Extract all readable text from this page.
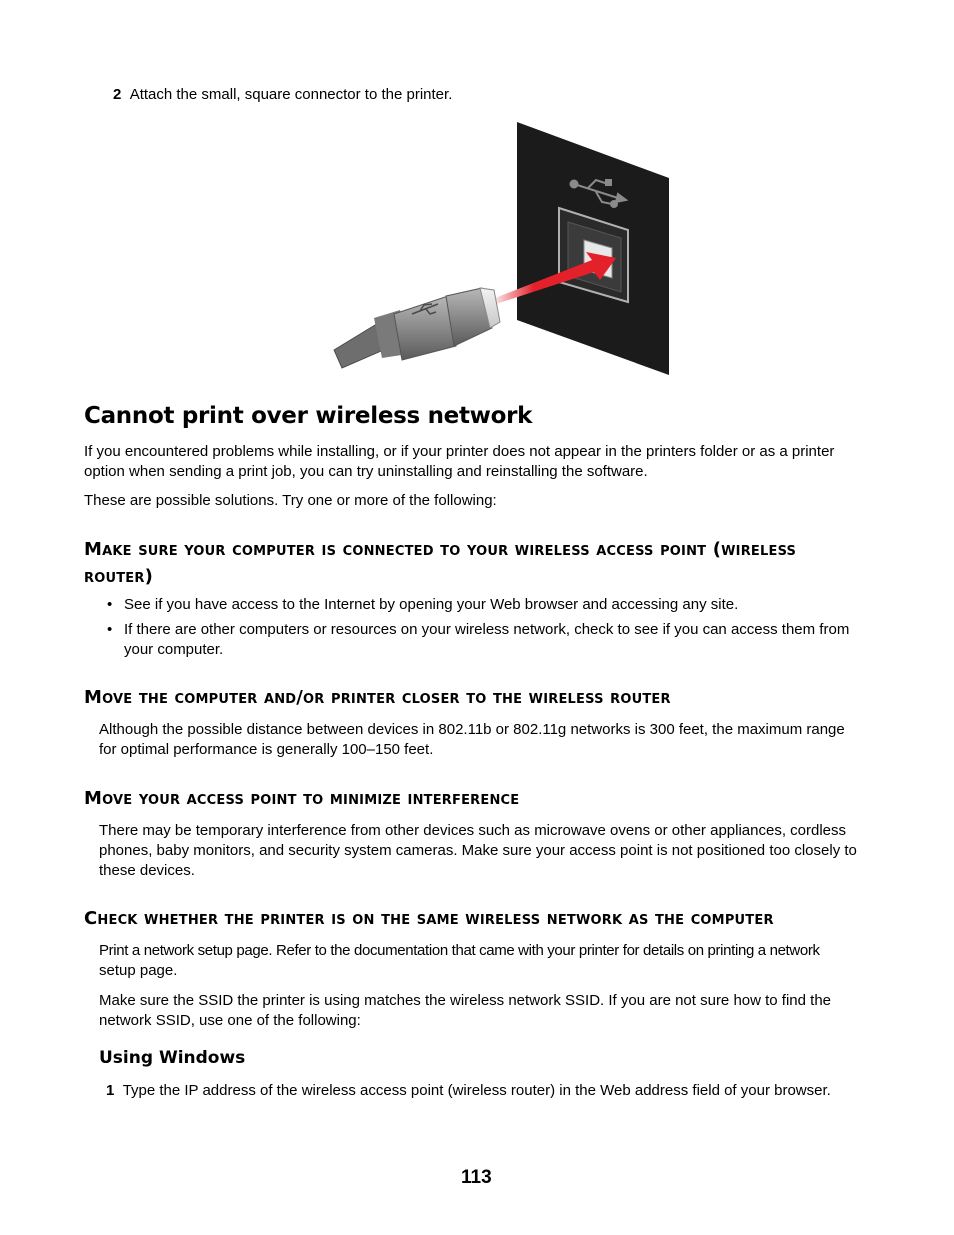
2 Attach the small, square connector to the printer.
Cannot print over wireless network
If you encountered problems while installing, or if your printer does not appear in the printers folder or as a printer
option when sending a print job, you can try uninstalling and reinstalling the software.
These are possible solutions. Try one or more of the following:
Make sure your computer is connected to your wireless access point (wireless
router)
• See if you have access to the Internet by opening your Web browser and accessing any site.
• If there are other computers or resources on your wireless network, check to see if you can access them from
your computer.
Move the computer and/or printer closer to the wireless router
Although the possible distance between devices in 802.11b or 802.11g networks is 300 feet, the maximum range
for optimal performance is generally 100–150 feet.
Move your access point to minimize interference
There may be temporary interference from other devices such as microwave ovens or other appliances, cordless
phones, baby monitors, and security system cameras. Make sure your access point is not positioned too closely to
these devices.
Check whether the printer is on the same wireless network as the computer
Print a network setup page. Refer to the documentation that came with your printer for details on printing a network
setup page.
Make sure the SSID the printer is using matches the wireless network SSID. If you are not sure how to find the
network SSID, use one of the following:
Using Windows
1 Type the IP address of the wireless access point (wireless router) in the Web address field of your browser.
113
